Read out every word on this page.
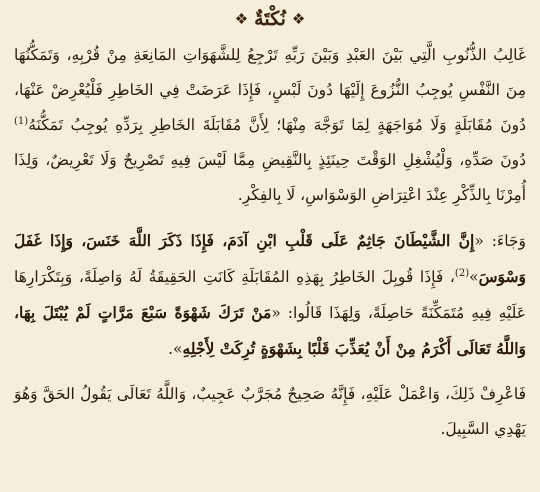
❖
نُكْتَةٌ
❖

غَالِبُ الذُّنُوبِ الَّتِي بَيْنَ العَبْدِ وَبَيْنَ رَبِّهِ تَرْجِعُ لِلشَّهَوَاتِ المَانِعَةِ مِنْ قُرْبِهِ، وَتَمَكُّنُهَا مِنَ النَّفْسِ يُوجِبُ النُّزُوعَ إِلَيْهَا دُونَ لَبْسٍ، فَإِذَا عَرَضَتْ فِي الخَاطِرِ فَلْيُعْرِضْ عَنْهَا، دُونَ مُقَابَلَةٍ وَلَا مُوَاجَهَةٍ لِمَا تَوَجَّهَ مِنْهَا؛ لِأَنَّ مُقَابَلَةَ الخَاطِرِ بِرَدِّهِ يُوجِبُ تَمَكُّنَهُ$^{(1)}$ دُونَ صَدِّهِ، وَلْيُشْغِلِ الوَقْتَ حِينَئِذٍ بِالنَّقِيضِ مِمَّا لَيْسَ فِيهِ تَصْرِيحٌ وَلَا تَعْرِيضٌ، وَلِذَا أُمِرْنَا بِالذِّكْرِ عِنْدَ اعْتِرَاضِ الوَسْوَاسِ، لَا بِالفِكْرِ.

وَجَاءَ: «إِنَّ الشَّيْطَانَ جَاثِمٌ عَلَى قَلْبِ ابْنِ آدَمَ، فَإِذَا ذَكَرَ اللَّهَ خَنَسَ، وَإِذَا غَفَلَ وَسْوَسَ»$^{(2)}$، فَإِذَا قُوبِلَ الخَاطِرُ بِهَذِهِ المُقَابَلَةِ كَانَتِ الحَقِيقَةُ لَهُ وَاصِلَةً، وَبِتَكْرَارِهَا عَلَيْهِ فِيهِ مُتَمَكِّنَةً حَاصِلَةً، وَلِهَذَا قَالُوا: «مَنْ تَرَكَ شَهْوَةً سَبْعَ مَرَّاتٍ لَمْ يُبْتَلَ بِهَا، وَاللَّهُ تَعَالَى أَكْرَمُ مِنْ أَنْ يُعَذِّبَ قَلْبًا بِشَهْوَةٍ تُرِكَتْ لِأَجْلِهِ».

فَاعْرِفْ ذَلِكَ، وَاعْمَلْ عَلَيْهِ، فَإِنَّهُ صَحِيحٌ مُجَرَّبٌ عَجِيبٌ، وَاللَّهُ تَعَالَى يَقُولُ الحَقَّ وَهُوَ يَهْدِي السَّبِيلَ.
